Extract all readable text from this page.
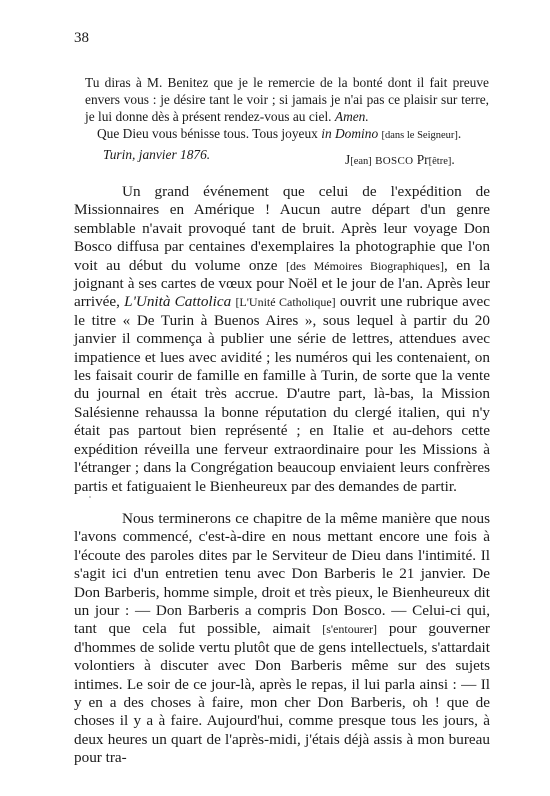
38

Tu diras à M. Benitez que je le remercie de la bonté dont il fait preuve envers vous : je désire tant le voir ; si jamais je n'ai pas ce plaisir sur terre, je lui donne dès à présent rendez-vous au ciel. Amen.

Que Dieu vous bénisse tous. Tous joyeux in Domino [dans le Seigneur].

Turin, janvier 1876.	J[ean] BOSCO Pr[être].

Un grand événement que celui de l'expédition de Missionnaires en Amérique ! Aucun autre départ d'un genre semblable n'avait provoqué tant de bruit. Après leur voyage Don Bosco diffusa par centaines d'exemplaires la photographie que l'on voit au début du volume onze [des Mémoires Biographiques], en la joignant à ses cartes de vœux pour Noël et le jour de l'an. Après leur arrivée, L'Unità Cattolica [L'Unité Catholique] ouvrit une rubrique avec le titre « De Turin à Buenos Aires », sous lequel à partir du 20 janvier il commença à publier une série de lettres, attendues avec impatience et lues avec avidité ; les numéros qui les contenaient, on les faisait courir de famille en famille à Turin, de sorte que la vente du journal en était très accrue. D'autre part, là-bas, la Mission Salésienne rehaussa la bonne réputation du clergé italien, qui n'y était pas partout bien représenté ; en Italie et au-dehors cette expédition réveilla une ferveur extraordinaire pour les Missions à l'étranger ; dans la Congrégation beaucoup enviaient leurs confrères partis et fatiguaient le Bienheureux par des demandes de partir.

Nous terminerons ce chapitre de la même manière que nous l'avons commencé, c'est-à-dire en nous mettant encore une fois à l'écoute des paroles dites par le Serviteur de Dieu dans l'intimité. Il s'agit ici d'un entretien tenu avec Don Barberis le 21 janvier. De Don Barberis, homme simple, droit et très pieux, le Bienheureux dit un jour : — Don Barberis a compris Don Bosco. — Celui-ci qui, tant que cela fut possible, aimait [s'entourer] pour gouverner d'hommes de solide vertu plutôt que de gens intellectuels, s'attardait volontiers à discuter avec Don Barberis même sur des sujets intimes. Le soir de ce jour-là, après le repas, il lui parla ainsi : — Il y en a des choses à faire, mon cher Don Barberis, oh ! que de choses il y a à faire. Aujourd'hui, comme presque tous les jours, à deux heures un quart de l'après-midi, j'étais déjà assis à mon bureau pour tra-
